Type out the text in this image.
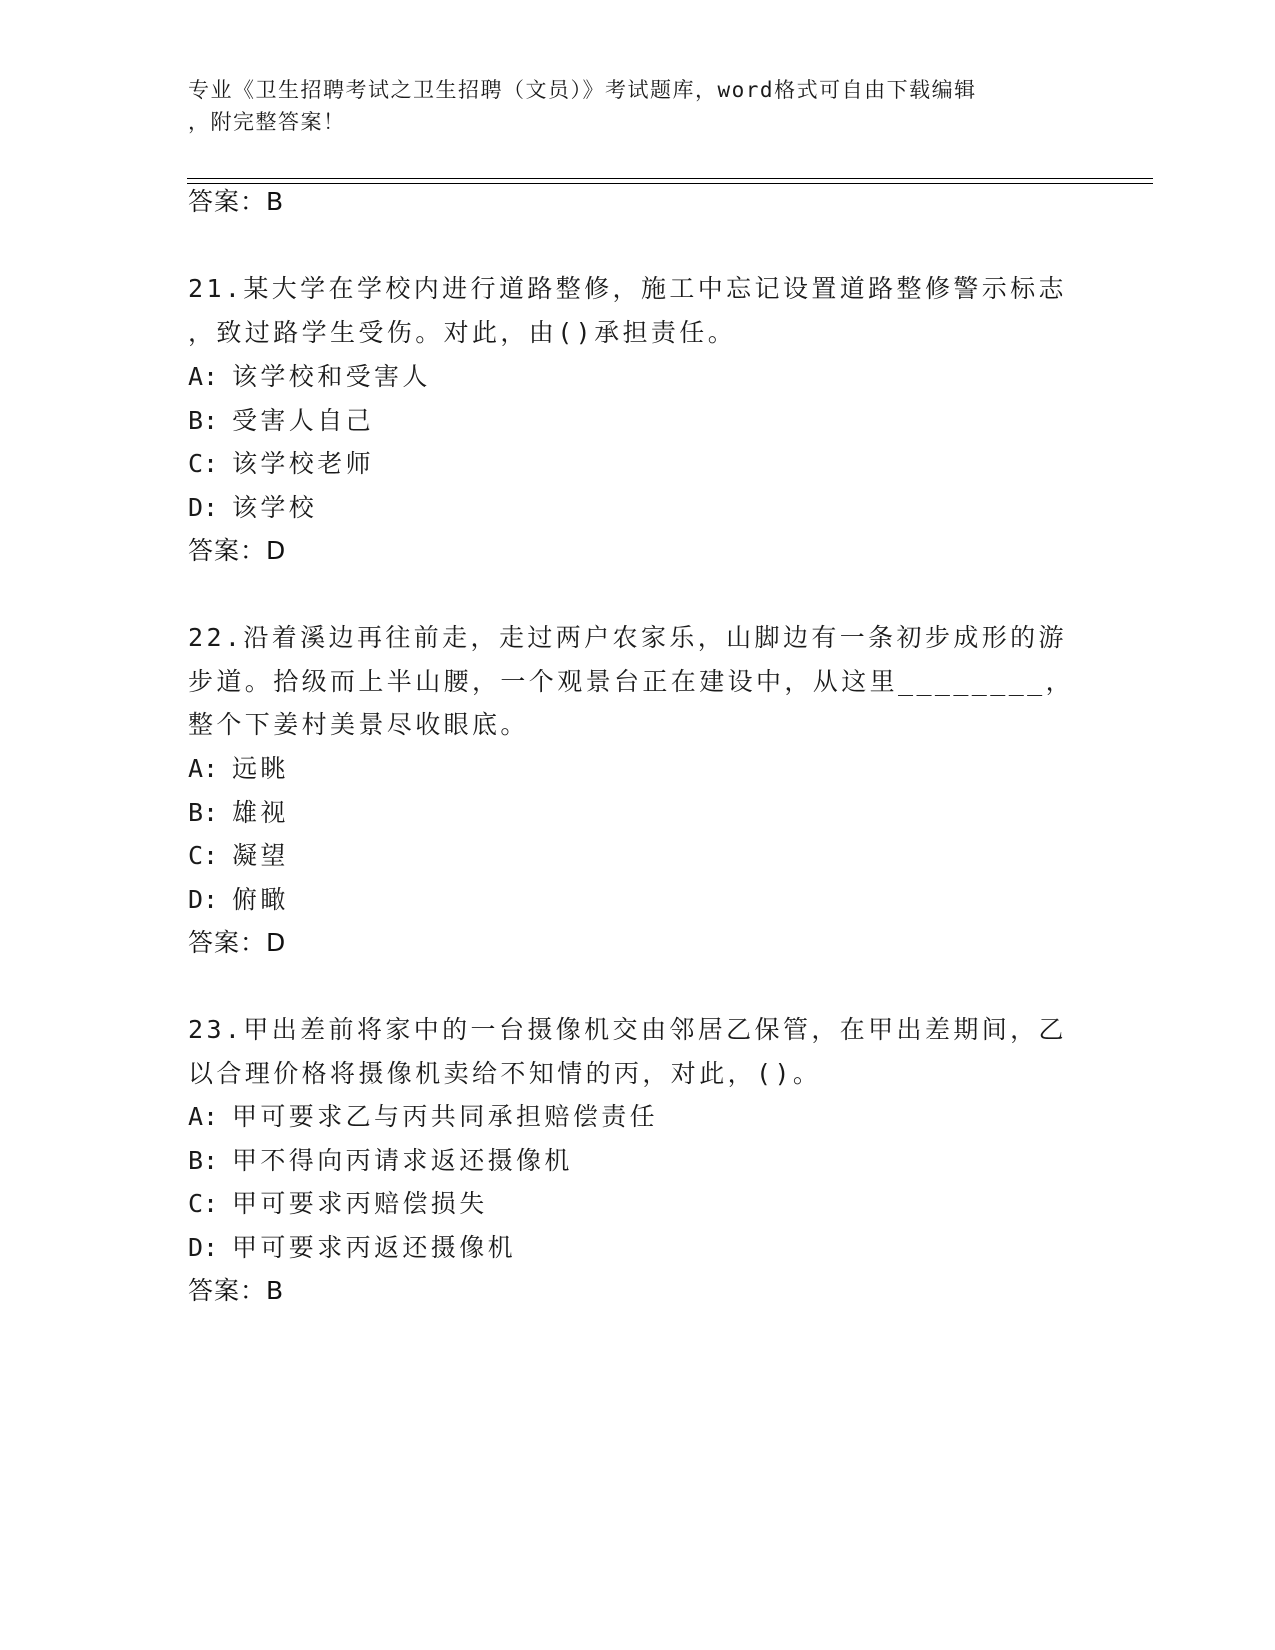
专业《卫生招聘考试之卫生招聘（文员）》考试题库，word格式可自由下载编辑
，附完整答案！
答案：B
21.某大学在学校内进行道路整修，施工中忘记设置道路整修警示标志
，致过路学生受伤。对此，由()承担责任。
A: 该学校和受害人
B: 受害人自己
C: 该学校老师
D: 该学校
答案：D
22.沿着溪边再往前走，走过两户农家乐，山脚边有一条初步成形的游
步道。拾级而上半山腰，一个观景台正在建设中，从这里________，
整个下姜村美景尽收眼底。
A: 远眺
B: 雄视
C: 凝望
D: 俯瞰
答案：D
23.甲出差前将家中的一台摄像机交由邻居乙保管，在甲出差期间，乙
以合理价格将摄像机卖给不知情的丙，对此，()。
A: 甲可要求乙与丙共同承担赔偿责任
B: 甲不得向丙请求返还摄像机
C: 甲可要求丙赔偿损失
D: 甲可要求丙返还摄像机
答案：B
